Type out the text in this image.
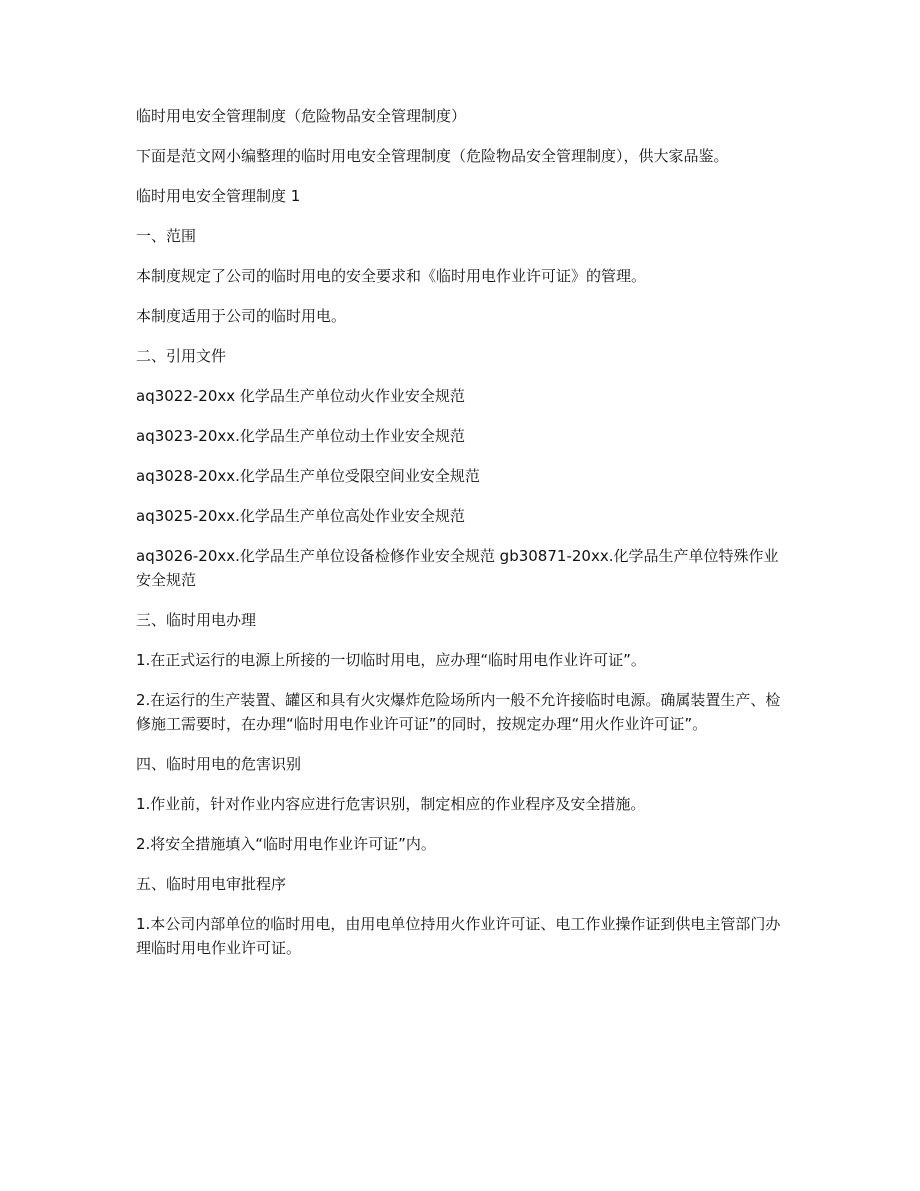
临时用电安全管理制度（危险物品安全管理制度）

下面是范文网小编整理的临时用电安全管理制度（危险物品安全管理制度），供大家品鉴。

临时用电安全管理制度 1

一、范围

本制度规定了公司的临时用电的安全要求和《临时用电作业许可证》的管理。

本制度适用于公司的临时用电。

二、引用文件

aq3022-20xx 化学品生产单位动火作业安全规范

aq3023-20xx.化学品生产单位动土作业安全规范

aq3028-20xx.化学品生产单位受限空间业安全规范

aq3025-20xx.化学品生产单位高处作业安全规范

aq3026-20xx.化学品生产单位设备检修作业安全规范 gb30871-20xx.化学品生产单位特殊作业安全规范

三、临时用电办理

1.在正式运行的电源上所接的一切临时用电，应办理“临时用电作业许可证”。

2.在运行的生产装置、罐区和具有火灾爆炸危险场所内一般不允许接临时电源。确属装置生产、检修施工需要时，在办理“临时用电作业许可证”的同时，按规定办理“用火作业许可证”。

四、临时用电的危害识别

1.作业前，针对作业内容应进行危害识别，制定相应的作业程序及安全措施。

2.将安全措施填入“临时用电作业许可证”内。

五、临时用电审批程序

1.本公司内部单位的临时用电，由用电单位持用火作业许可证、电工作业操作证到供电主管部门办理临时用电作业许可证。
